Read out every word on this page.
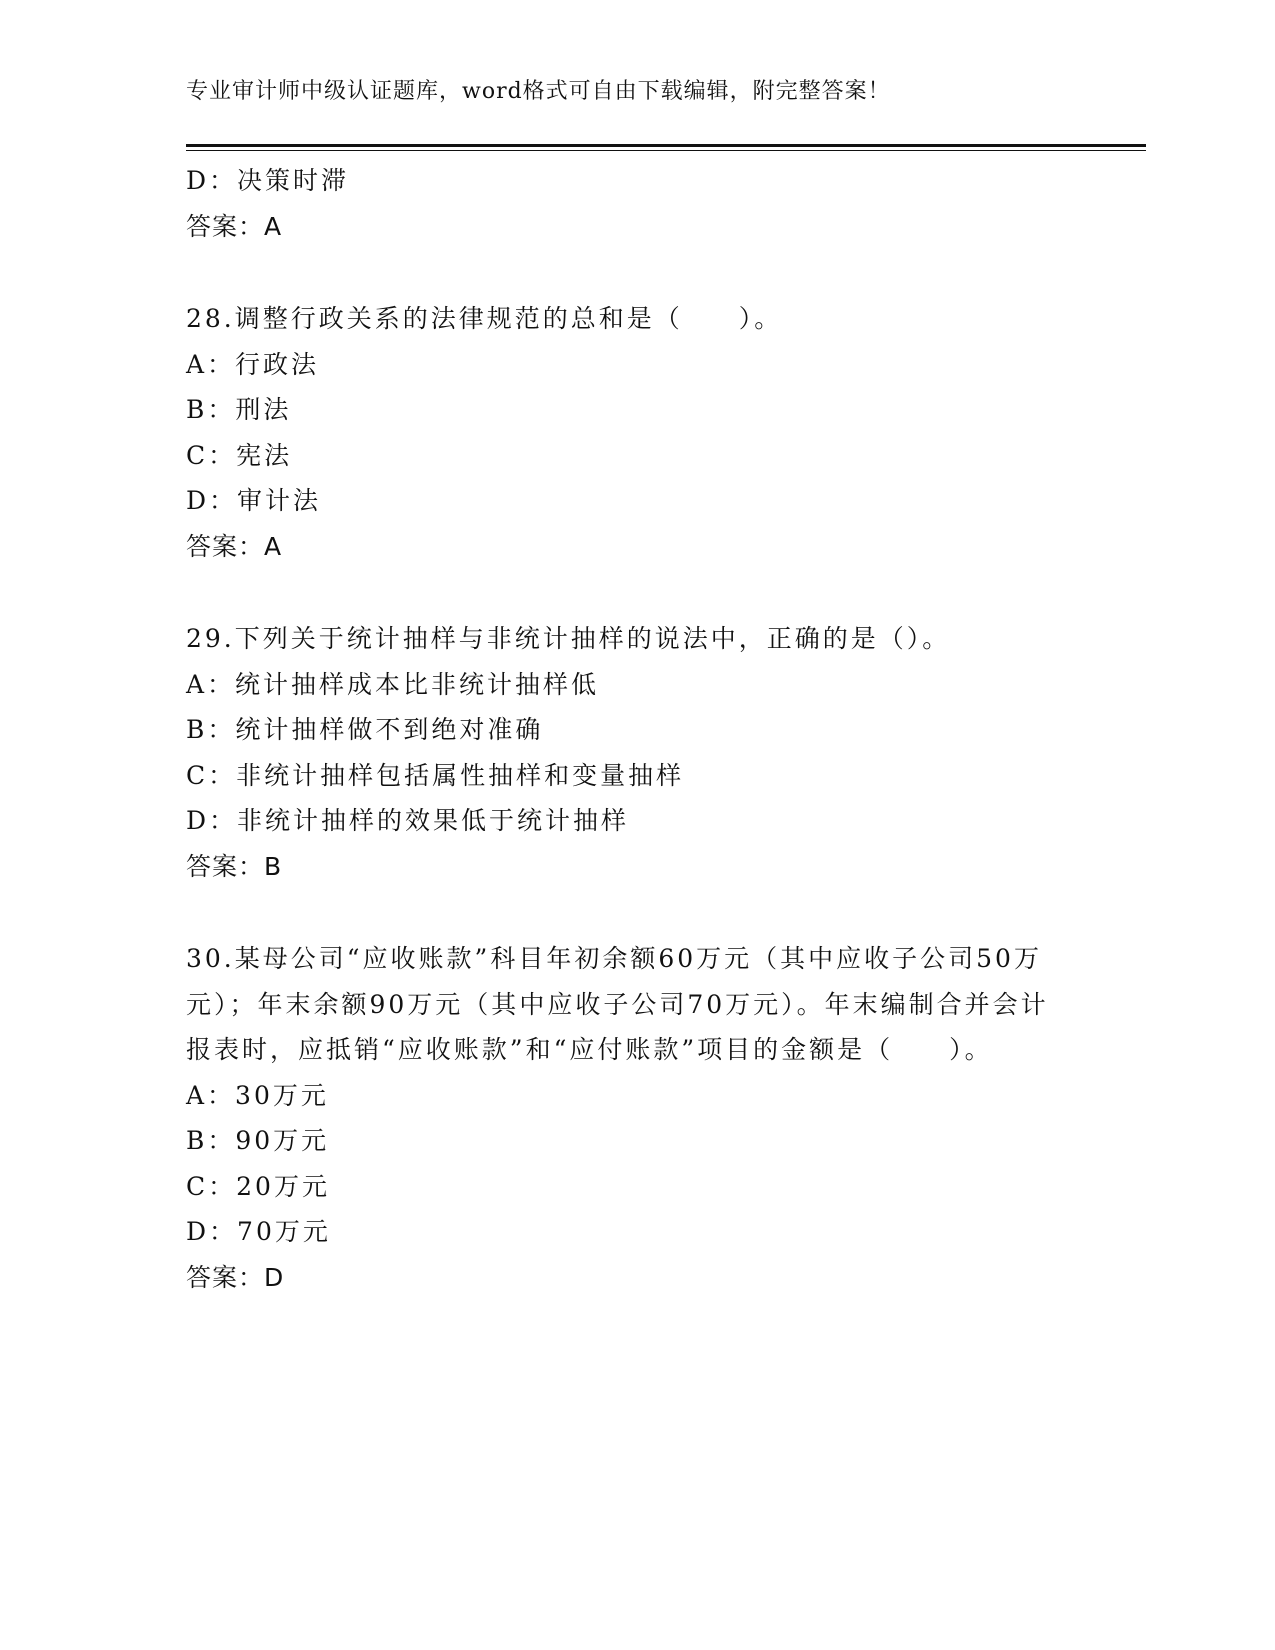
专业审计师中级认证题库，word格式可自由下载编辑，附完整答案！
D：决策时滞
答案：A
28.调整行政关系的法律规范的总和是（　　）。
A：行政法
B：刑法
C：宪法
D：审计法
答案：A
29.下列关于统计抽样与非统计抽样的说法中，正确的是（）。
A：统计抽样成本比非统计抽样低
B：统计抽样做不到绝对准确
C：非统计抽样包括属性抽样和变量抽样
D：非统计抽样的效果低于统计抽样
答案：B
30.某母公司“应收账款”科目年初余额60万元（其中应收子公司50万元）；年末余额90万元（其中应收子公司70万元）。年末编制合并会计报表时，应抵销“应收账款”和“应付账款”项目的金额是（　　）。
A：30万元
B：90万元
C：20万元
D：70万元
答案：D
